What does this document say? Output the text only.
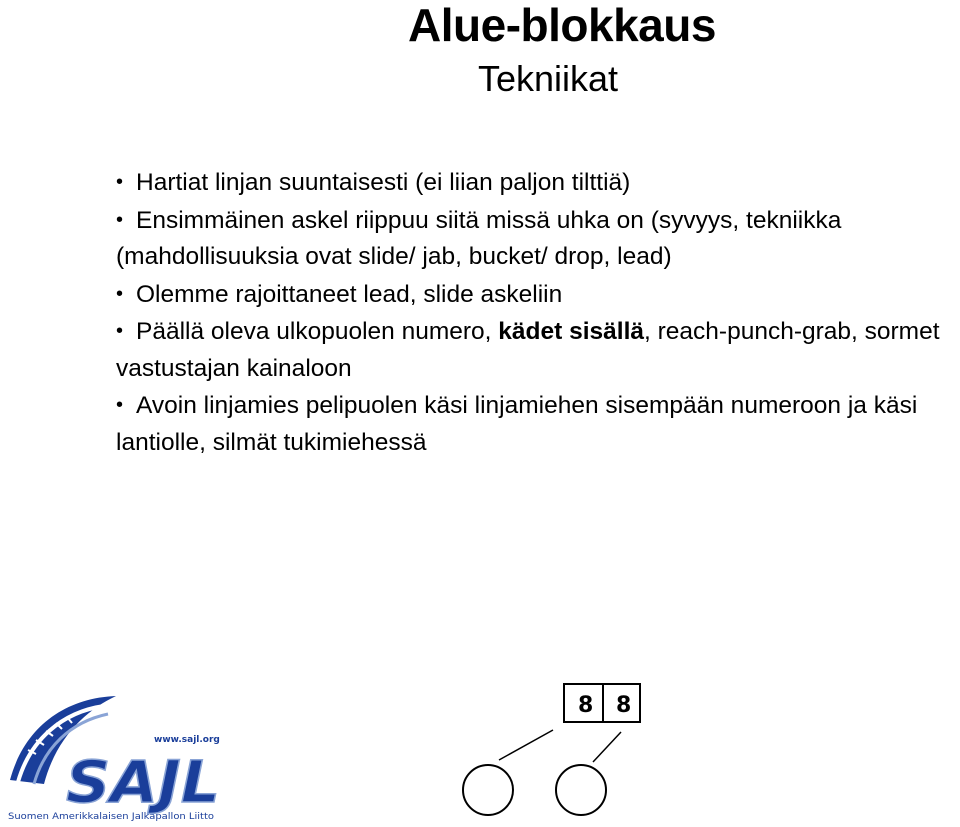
Alue-blokkaus
Tekniikat
• Hartiat linjan suuntaisesti (ei liian paljon tilttiä)
• Ensimmäinen askel riippuu siitä missä uhka on (syvyys, tekniikka (mahdollisuuksia ovat slide/ jab, bucket/ drop, lead)
• Olemme rajoittaneet lead, slide askeliin
• Päällä oleva ulkopuolen numero, kädet sisällä, reach-punch-grab, sormet vastustajan kainaloon
• Avoin linjamies pelipuolen käsi linjamiehen sisempään numeroon ja käsi lantiolle, silmät tukimiehessä
www.sajl.org
SAJL
Suomen Amerikkalaisen Jalkapallon Liitto
8 8
